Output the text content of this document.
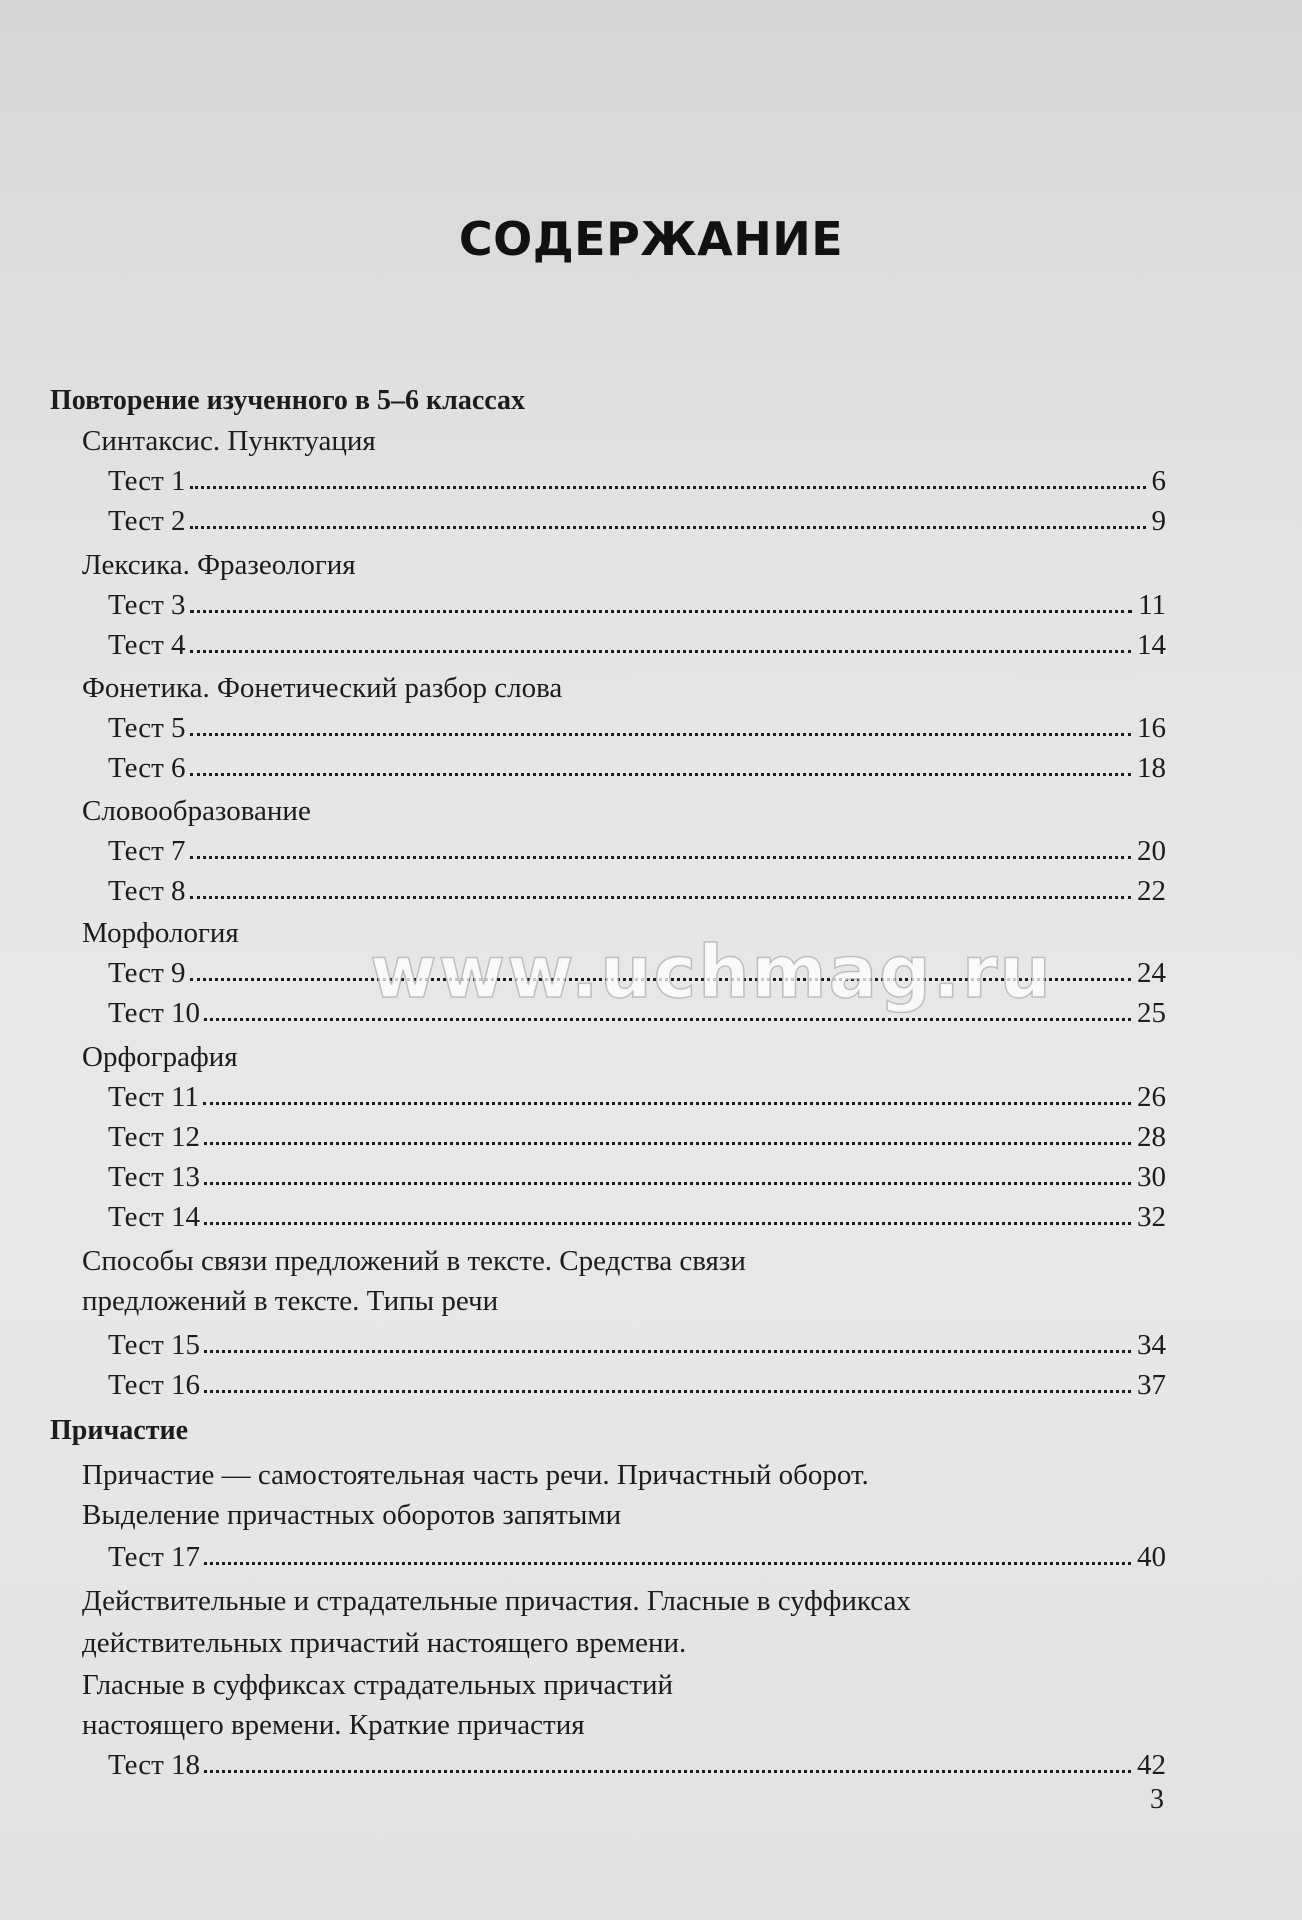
СОДЕРЖАНИЕ
Повторение изученного в 5–6 классах
Синтаксис. Пунктуация
Тест 1	6
Тест 2	9
Лексика. Фразеология
Тест 3	11
Тест 4	14
Фонетика. Фонетический разбор слова
Тест 5	16
Тест 6	18
Словообразование
Тест 7	20
Тест 8	22
Морфология
Тест 9	24
Тест 10	25
Орфография
Тест 11	26
Тест 12	28
Тест 13	30
Тест 14	32
Способы связи предложений в тексте. Средства связи
предложений в тексте. Типы речи
Тест 15	34
Тест 16	37
Причастие
Причастие — самостоятельная часть речи. Причастный оборот.
Выделение причастных оборотов запятыми
Тест 17	40
Действительные и страдательные причастия. Гласные в суффиксах
действительных причастий настоящего времени.
Гласные в суффиксах страдательных причастий
настоящего времени. Краткие причастия
Тест 18	42
www.uchmag.ru
3
